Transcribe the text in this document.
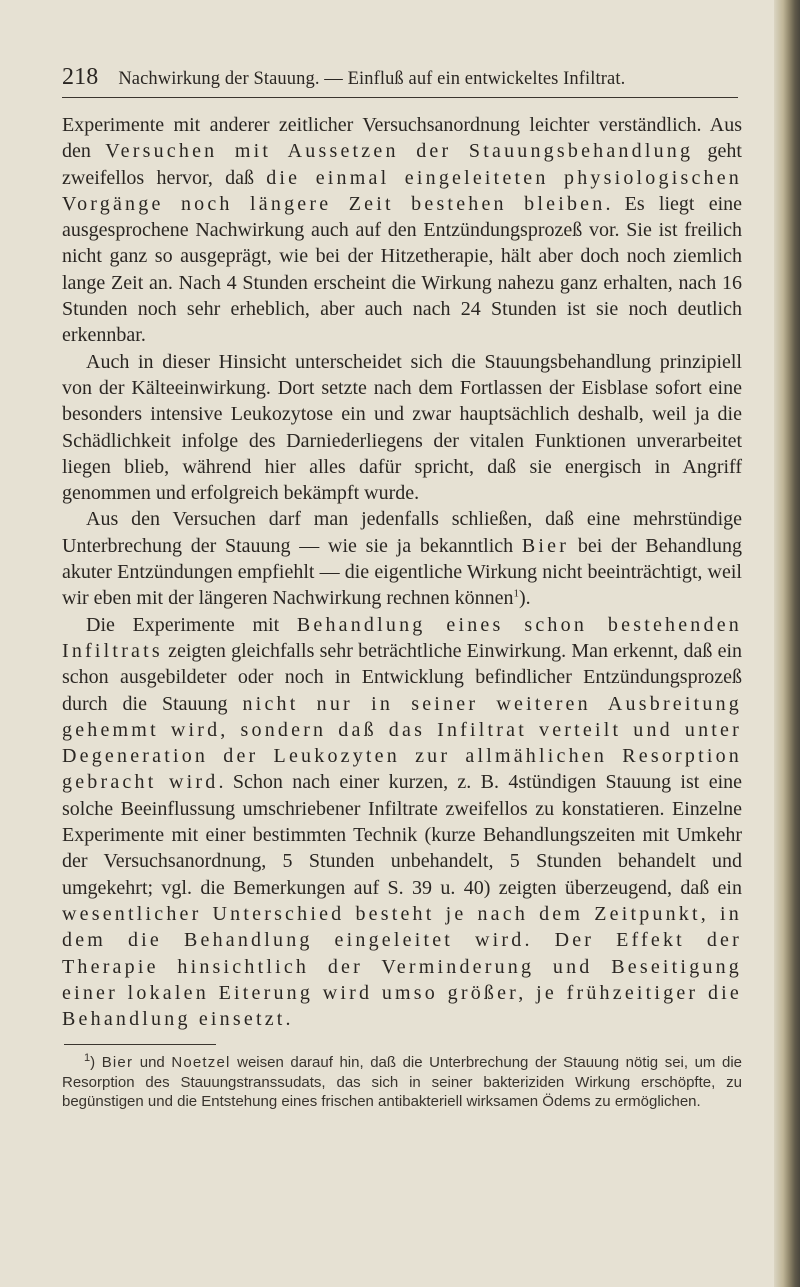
218 Nachwirkung der Stauung. — Einfluß auf ein entwickeltes Infiltrat.

Experimente mit anderer zeitlicher Versuchsanordnung leichter verständlich. Aus den Versuchen mit Aussetzen der Stauungsbehandlung geht zweifellos hervor, daß die einmal eingeleiteten physiologischen Vorgänge noch längere Zeit bestehen bleiben. Es liegt eine ausgesprochene Nachwirkung auch auf den Entzündungsprozeß vor. Sie ist freilich nicht ganz so ausgeprägt, wie bei der Hitzetherapie, hält aber doch noch ziemlich lange Zeit an. Nach 4 Stunden erscheint die Wirkung nahezu ganz erhalten, nach 16 Stunden noch sehr erheblich, aber auch nach 24 Stunden ist sie noch deutlich erkennbar.

Auch in dieser Hinsicht unterscheidet sich die Stauungsbehandlung prinzipiell von der Kälteeinwirkung. Dort setzte nach dem Fortlassen der Eisblase sofort eine besonders intensive Leukozytose ein und zwar hauptsächlich deshalb, weil ja die Schädlichkeit infolge des Darniederliegens der vitalen Funktionen unverarbeitet liegen blieb, während hier alles dafür spricht, daß sie energisch in Angriff genommen und erfolgreich bekämpft wurde.

Aus den Versuchen darf man jedenfalls schließen, daß eine mehrstündige Unterbrechung der Stauung — wie sie ja bekanntlich Bier bei der Behandlung akuter Entzündungen empfiehlt — die eigentliche Wirkung nicht beeinträchtigt, weil wir eben mit der längeren Nachwirkung rechnen können$^1$).

Die Experimente mit Behandlung eines schon bestehenden Infiltrats zeigten gleichfalls sehr beträchtliche Einwirkung. Man erkennt, daß ein schon ausgebildeter oder noch in Entwicklung befindlicher Entzündungsprozeß durch die Stauung nicht nur in seiner weiteren Ausbreitung gehemmt wird, sondern daß das Infiltrat verteilt und unter Degeneration der Leukozyten zur allmählichen Resorption gebracht wird. Schon nach einer kurzen, z. B. 4stündigen Stauung ist eine solche Beeinflussung umschriebener Infiltrate zweifellos zu konstatieren. Einzelne Experimente mit einer bestimmten Technik (kurze Behandlungszeiten mit Umkehr der Versuchsanordnung, 5 Stunden unbehandelt, 5 Stunden behandelt und umgekehrt; vgl. die Bemerkungen auf S. 39 u. 40) zeigten überzeugend, daß ein wesentlicher Unterschied besteht je nach dem Zeitpunkt, in dem die Behandlung eingeleitet wird. Der Effekt der Therapie hinsichtlich der Verminderung und Beseitigung einer lokalen Eiterung wird umso größer, je frühzeitiger die Behandlung einsetzt.

$^1$) Bier und Noetzel weisen darauf hin, daß die Unterbrechung der Stauung nötig sei, um die Resorption des Stauungstranssudats, das sich in seiner bakteriziden Wirkung erschöpfte, zu begünstigen und die Entstehung eines frischen antibakteriell wirksamen Ödems zu ermöglichen.
